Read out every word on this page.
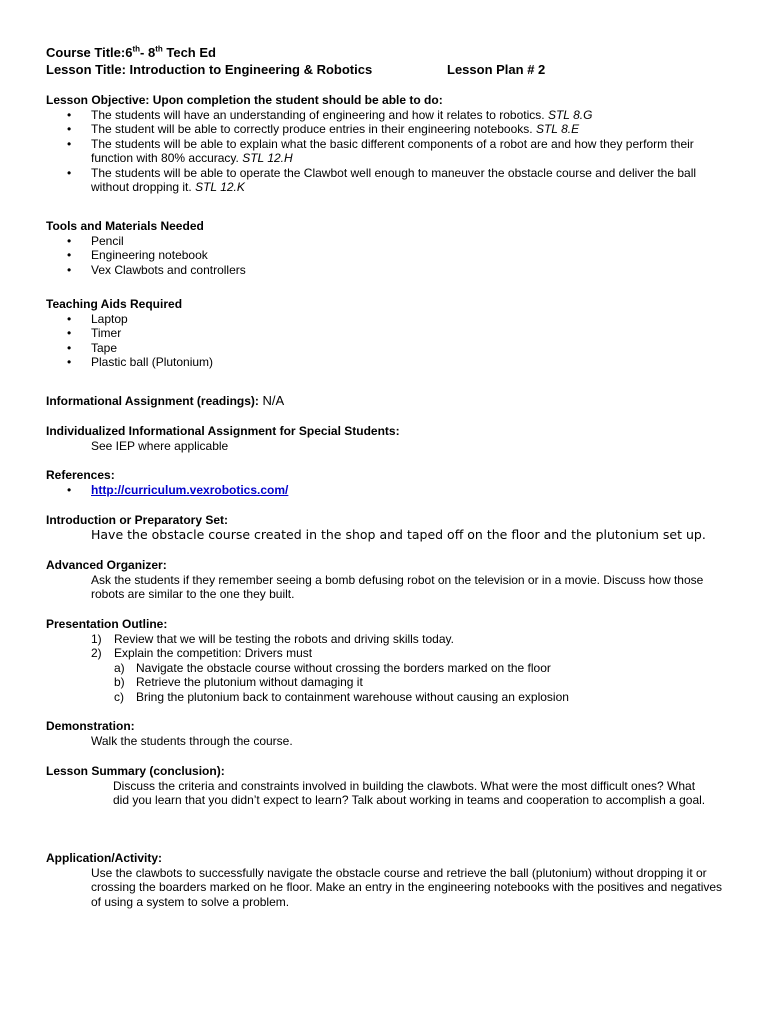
Course Title:6th- 8th Tech Ed
Lesson Title: Introduction to Engineering & Robotics	Lesson Plan # 2
Lesson Objective: Upon completion the student should be able to do:
• The students will have an understanding of engineering and how it relates to robotics. STL 8.G
• The student will be able to correctly produce entries in their engineering notebooks. STL 8.E
• The students will be able to explain what the basic different components of a robot are and how they perform their function with 80% accuracy. STL 12.H
• The students will be able to operate the Clawbot well enough to maneuver the obstacle course and deliver the ball without dropping it. STL 12.K
Tools and Materials Needed
• Pencil
• Engineering notebook
• Vex Clawbots and controllers
Teaching Aids Required
• Laptop
• Timer
• Tape
• Plastic ball (Plutonium)
Informational Assignment (readings): N/A
Individualized Informational Assignment for Special Students:
See IEP where applicable
References:
• http://curriculum.vexrobotics.com/
Introduction or Preparatory Set:
Have the obstacle course created in the shop and taped off on the floor and the plutonium set up.
Advanced Organizer:
Ask the students if they remember seeing a bomb defusing robot on the television or in a movie. Discuss how those robots are similar to the one they built.
Presentation Outline:
1) Review that we will be testing the robots and driving skills today.
2) Explain the competition: Drivers must
a) Navigate the obstacle course without crossing the borders marked on the floor
b) Retrieve the plutonium without damaging it
c) Bring the plutonium back to containment warehouse without causing an explosion
Demonstration:
Walk the students through the course.
Lesson Summary (conclusion):
Discuss the criteria and constraints involved in building the clawbots. What were the most difficult ones? What did you learn that you didn’t expect to learn? Talk about working in teams and cooperation to accomplish a goal.
Application/Activity:
Use the clawbots to successfully navigate the obstacle course and retrieve the ball (plutonium) without dropping it or crossing the boarders marked on he floor. Make an entry in the engineering notebooks with the positives and negatives of using a system to solve a problem.
